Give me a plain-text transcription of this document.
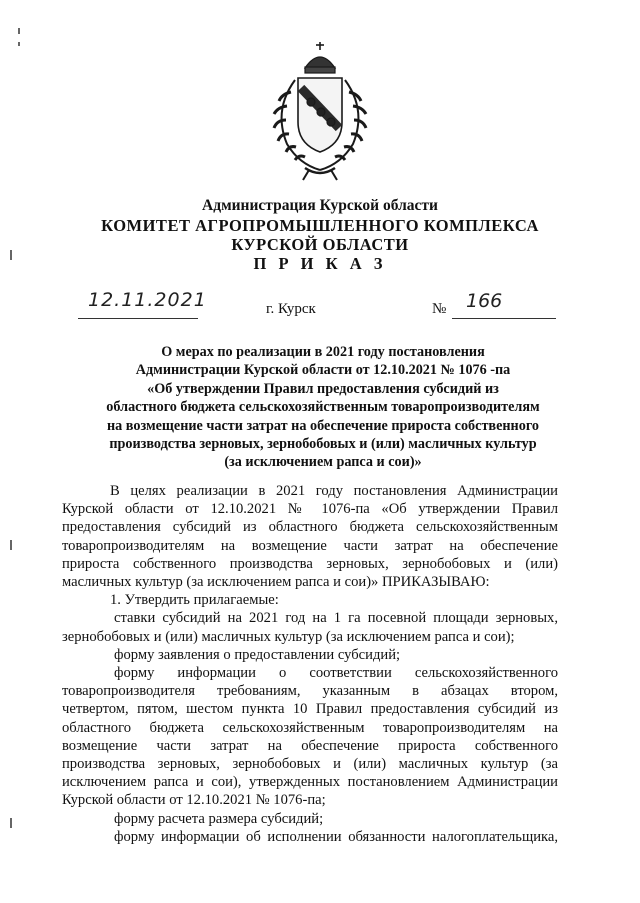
Администрация Курской области
КОМИТЕТ АГРОПРОМЫШЛЕННОГО КОМПЛЕКСА
КУРСКОЙ ОБЛАСТИ
П Р И К А З
12.11.2021	г. Курск	№ 166
О мерах по реализации в 2021 году постановления
Администрации Курской области от 12.10.2021 № 1076 -па
«Об утверждении Правил предоставления субсидий из
областного бюджета сельскохозяйственным товаропроизводителям
на возмещение части затрат на обеспечение прироста собственного
производства зерновых, зернобобовых и (или) масличных культур
(за исключением рапса и сои)»
В целях реализации в 2021 году постановления Администрации
Курской области от 12.10.2021 № 1076-па «Об утверждении Правил
предоставления субсидий из областного бюджета сельскохозяйственным
товаропроизводителям на возмещение части затрат на обеспечение
прироста собственного производства зерновых, зернобобовых и (или)
масличных культур (за исключением рапса и сои)» ПРИКАЗЫВАЮ:
1. Утвердить прилагаемые:
ставки субсидий на 2021 год на 1 га посевной площади зерновых,
зернобобовых и (или) масличных культур (за исключением рапса и сои);
форму заявления о предоставлении субсидий;
форму информации о соответствии сельскохозяйственного
товаропроизводителя требованиям, указанным в абзацах втором,
четвертом, пятом, шестом пункта 10 Правил предоставления субсидий из
областного бюджета сельскохозяйственным товаропроизводителям на
возмещение части затрат на обеспечение прироста собственного
производства зерновых, зернобобовых и (или) масличных культур (за
исключением рапса и сои), утвержденных постановлением Администрации
Курской области от 12.10.2021 № 1076-па;
форму расчета размера субсидий;
форму информации об исполнении обязанности налогоплательщика,
